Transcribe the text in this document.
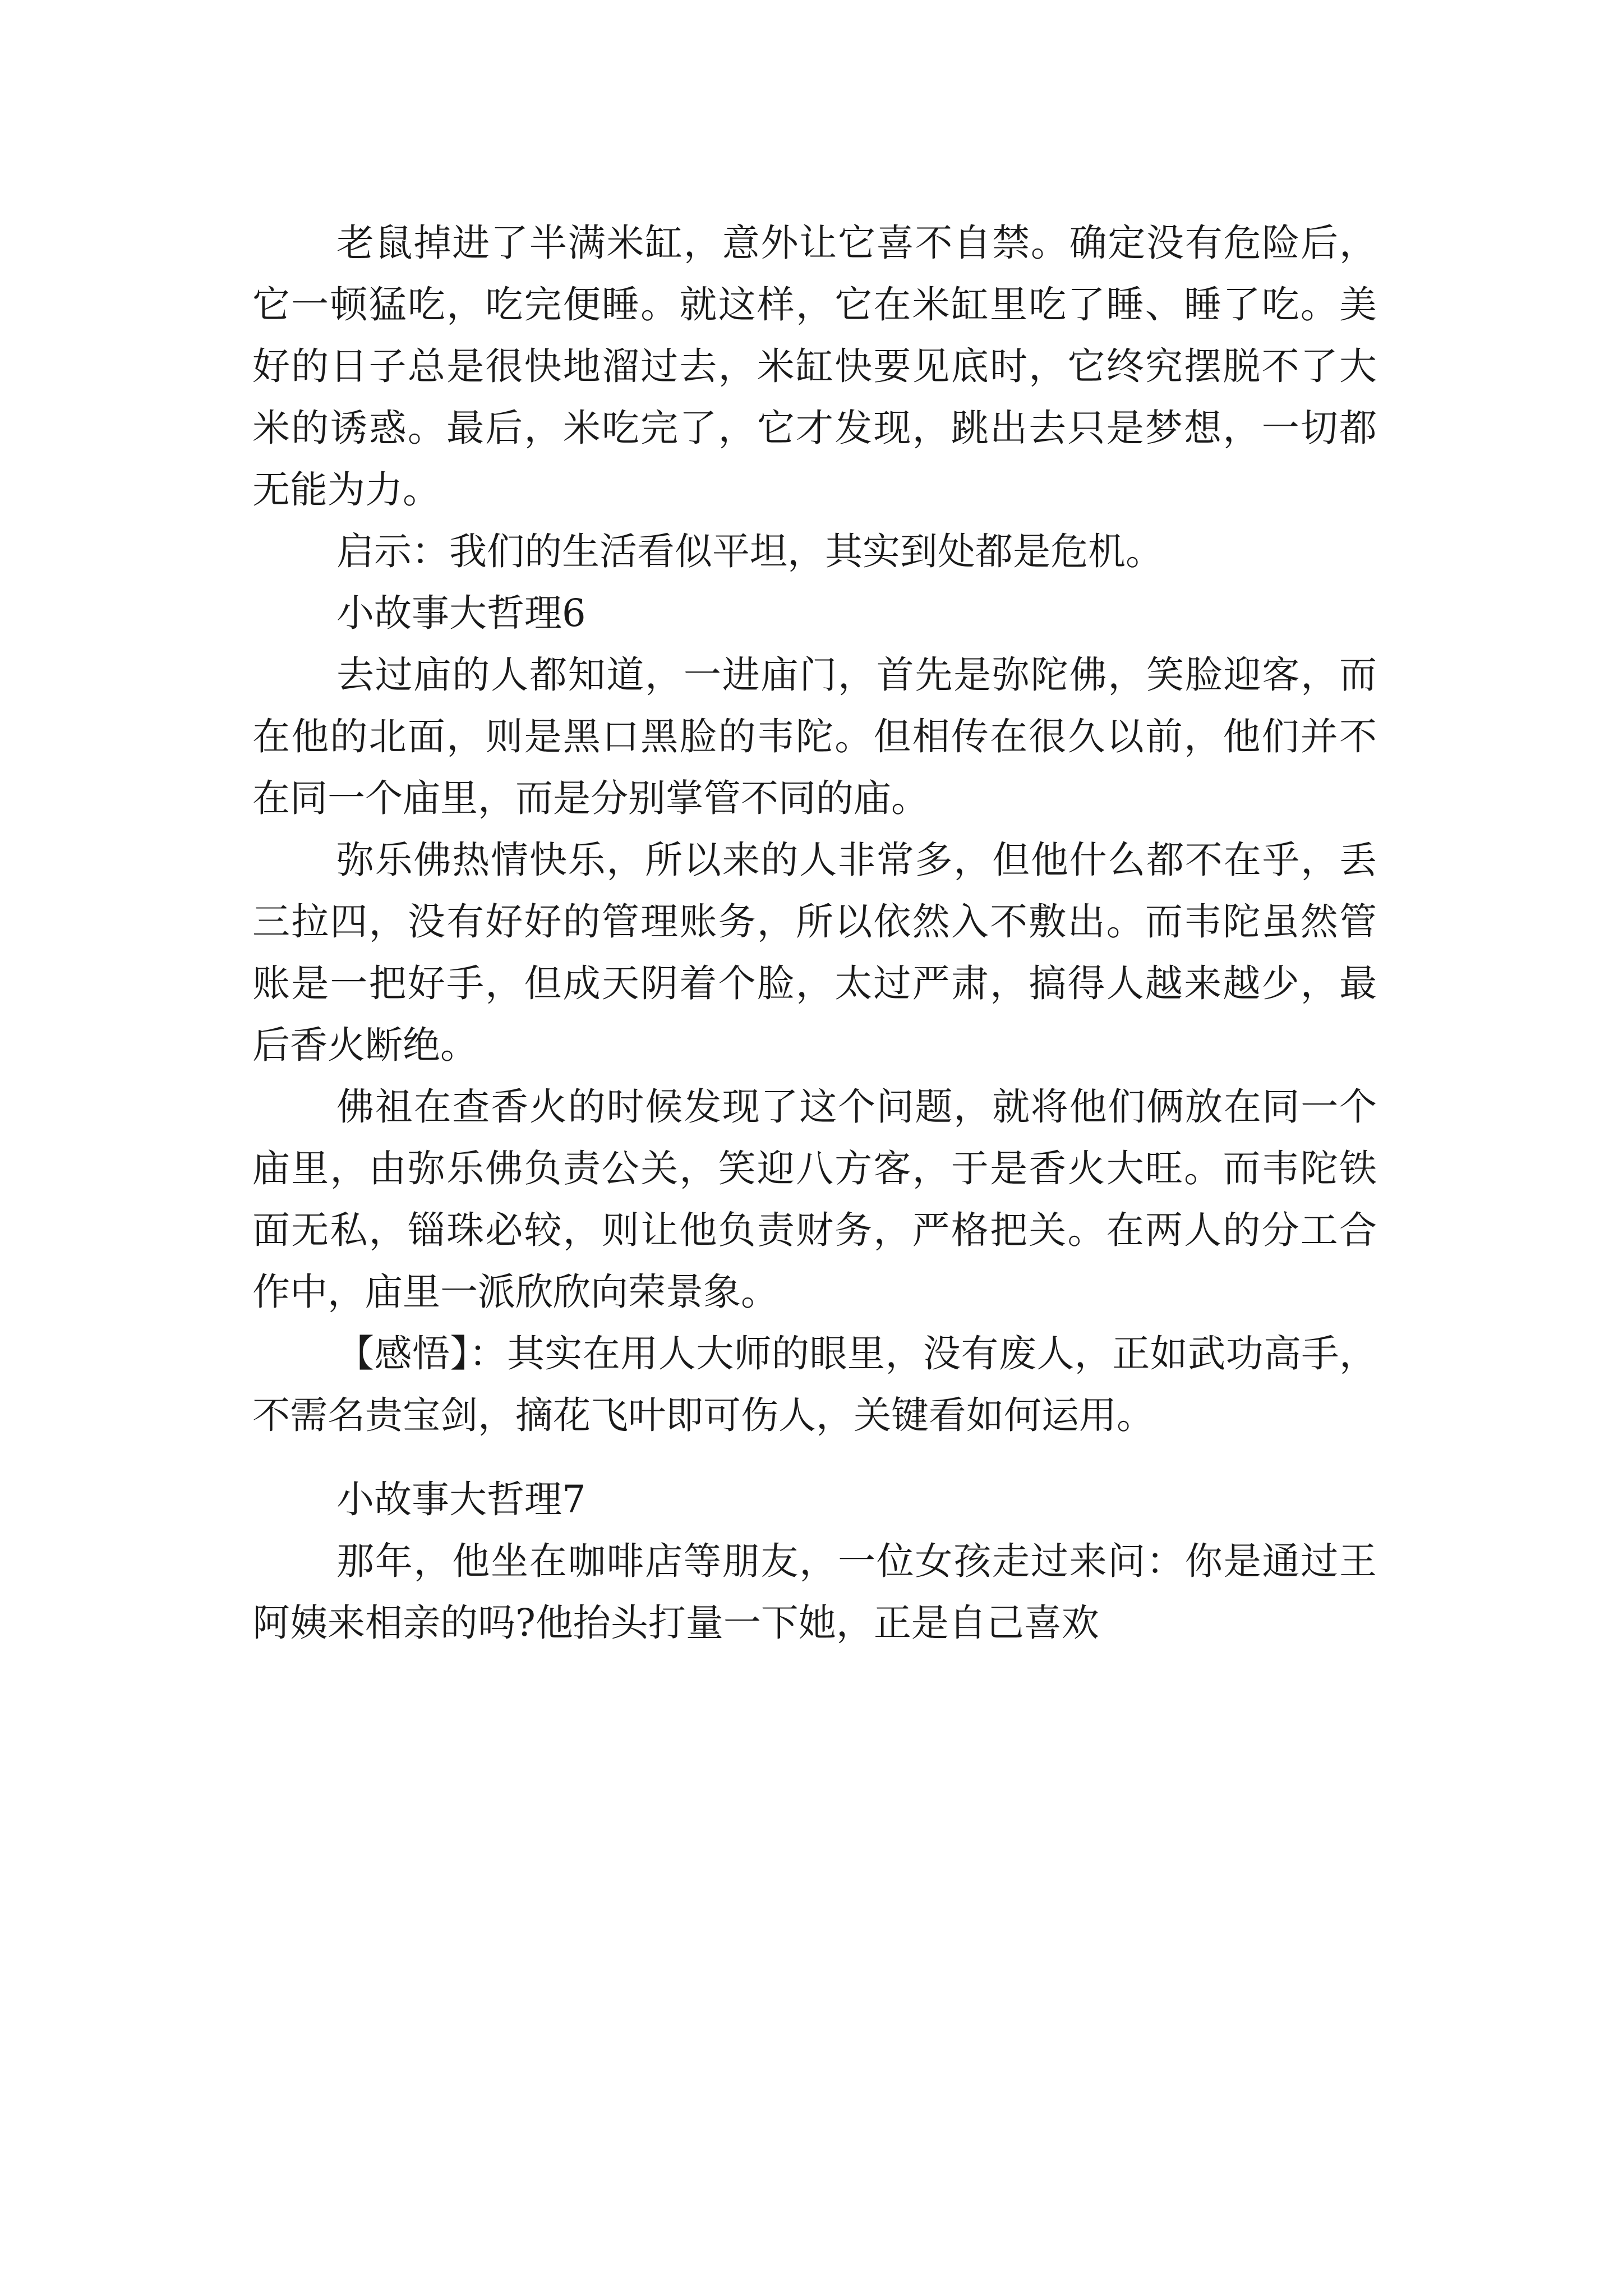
老鼠掉进了半满米缸，意外让它喜不自禁。确定没有危险后，它一顿猛吃，吃完便睡。就这样，它在米缸里吃了睡、睡了吃。美好的日子总是很快地溜过去，米缸快要见底时，它终究摆脱不了大米的诱惑。最后，米吃完了，它才发现，跳出去只是梦想，一切都无能为力。

启示：我们的生活看似平坦，其实到处都是危机。

小故事大哲理6

去过庙的人都知道，一进庙门，首先是弥陀佛，笑脸迎客，而在他的北面，则是黑口黑脸的韦陀。但相传在很久以前，他们并不在同一个庙里，而是分别掌管不同的庙。

弥乐佛热情快乐，所以来的人非常多，但他什么都不在乎，丢三拉四，没有好好的管理账务，所以依然入不敷出。而韦陀虽然管账是一把好手，但成天阴着个脸，太过严肃，搞得人越来越少，最后香火断绝。

佛祖在查香火的时候发现了这个问题，就将他们俩放在同一个庙里，由弥乐佛负责公关，笑迎八方客，于是香火大旺。而韦陀铁面无私，锱珠必较，则让他负责财务，严格把关。在两人的分工合作中，庙里一派欣欣向荣景象。

【感悟】：其实在用人大师的眼里，没有废人，正如武功高手，不需名贵宝剑，摘花飞叶即可伤人，关键看如何运用。

小故事大哲理7

那年，他坐在咖啡店等朋友，一位女孩走过来问：你是通过王阿姨来相亲的吗?他抬头打量一下她，正是自己喜欢
